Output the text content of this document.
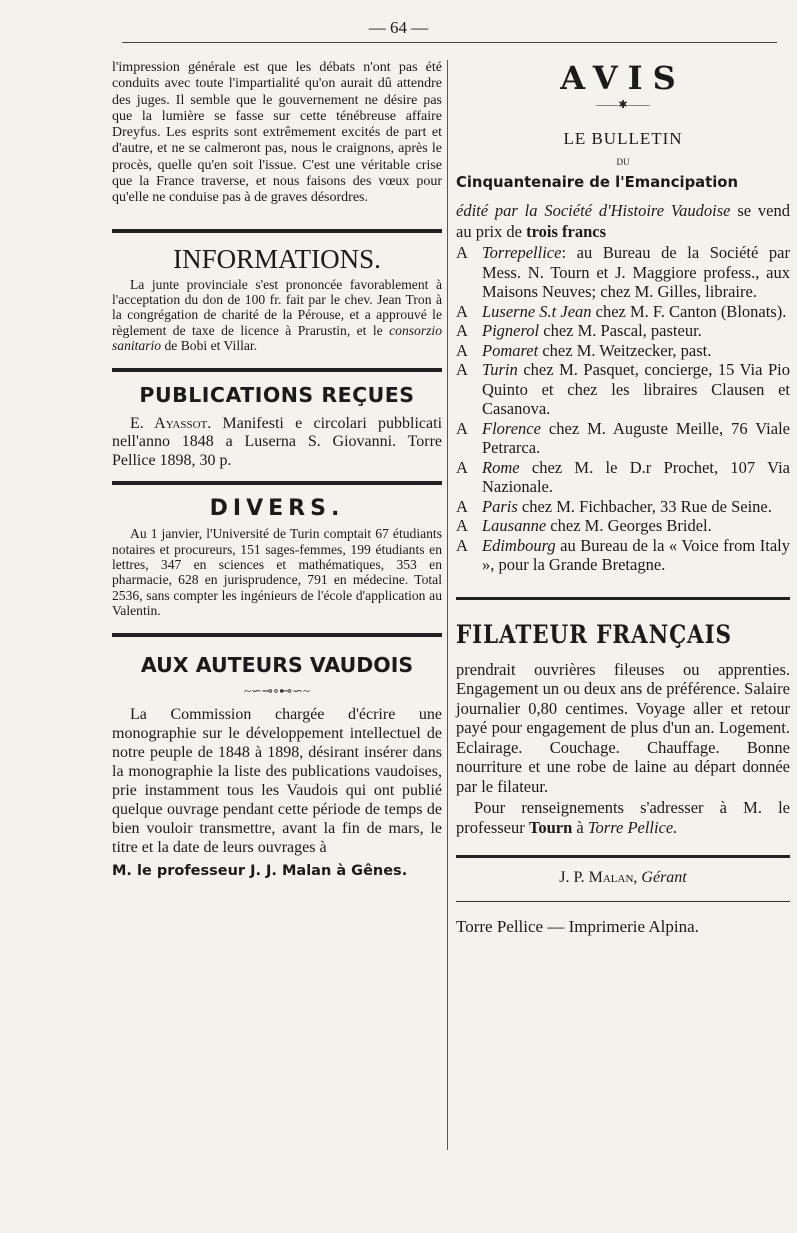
— 64 —

l'impression générale est que les débats n'ont pas été conduits avec toute l'impartialité qu'on aurait dû attendre des juges. Il semble que le gouvernement ne désire pas que la lumière se fasse sur cette ténébreuse affaire Dreyfus. Les esprits sont extrêmement excités de part et d'autre, et ne se calmeront pas, nous le craignons, après le procès, quelle qu'en soit l'issue. C'est une véritable crise que la France traverse, et nous faisons des vœux pour qu'elle ne conduise pas à de graves désordres.

INFORMATIONS.

La junte provinciale s'est prononcée favorablement à l'acceptation du don de 100 fr. fait par le chev. Jean Tron à la congrégation de charité de la Pérouse, et a approuvé le règlement de taxe de licence à Prarustin, et le consorzio sanitario de Bobi et Villar.

PUBLICATIONS REÇUES

E. Ayassot. Manifesti e circolari pubblicati nell'anno 1848 a Luserna S. Giovanni. Torre Pellice 1898, 30 p.

DIVERS.

Au 1 janvier, l'Université de Turin comptait 67 étudiants notaires et procureurs, 151 sages-femmes, 199 étudiants en lettres, 347 en sciences et mathématiques, 353 en pharmacie, 628 en jurisprudence, 791 en médecine. Total 2536, sans compter les ingénieurs de l'école d'application au Valentin.

AUX AUTEURS VAUDOIS
~∽⊸∘⊷∽~

La Commission chargée d'écrire une monographie sur le développement intellectuel de notre peuple de 1848 à 1898, désirant insérer dans la monographie la liste des publications vaudoises, prie instamment tous les Vaudois qui ont publié quelque ouvrage pendant cette période de temps de bien vouloir transmettre, avant la fin de mars, le titre et la date de leurs ouvrages à

M. le professeur J. J. Malan à Gênes.

AVIS
——✱——
LE BULLETIN
DU
Cinquantenaire de l'Emancipation

édité par la Société d'Histoire Vaudoise se vend au prix de trois francs

A Torrepellice: au Bureau de la Société par Mess. N. Tourn et J. Maggiore profess., aux Maisons Neuves; chez M. Gilles, libraire.
A Luserne S.t Jean chez M. F. Canton (Blonats).
A Pignerol chez M. Pascal, pasteur.
A Pomaret chez M. Weitzecker, past.
A Turin chez M. Pasquet, concierge, 15 Via Pio Quinto et chez les libraires Clausen et Casanova.
A Florence chez M. Auguste Meille, 76 Viale Petrarca.
A Rome chez M. le D.r Prochet, 107 Via Nazionale.
A Paris chez M. Fichbacher, 33 Rue de Seine.
A Lausanne chez M. Georges Bridel.
A Edimbourg au Bureau de la « Voice from Italy », pour la Grande Bretagne.
FILATEUR FRANÇAIS

prendrait ouvrières fileuses ou apprenties. Engagement un ou deux ans de préférence. Salaire journalier 0,80 centimes. Voyage aller et retour payé pour engagement de plus d'un an. Logement. Eclairage. Couchage. Chauffage. Bonne nourriture et une robe de laine au départ donnée par le filateur.

Pour renseignements s'adresser à M. le professeur Tourn à Torre Pellice.

J. P. Malan, Gérant
Torre Pellice — Imprimerie Alpina.
